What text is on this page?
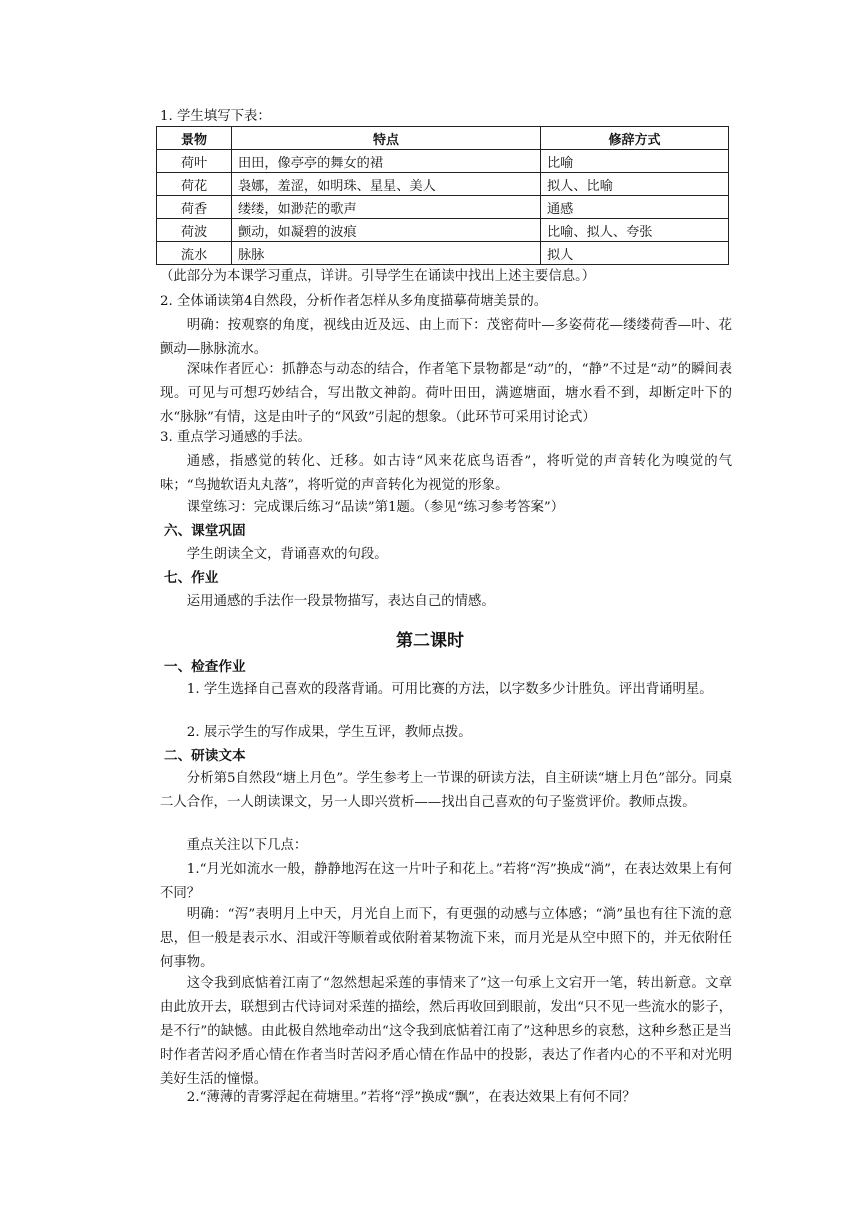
1. 学生填写下表：
景物	特点	修辞方式
荷叶	田田，像亭亭的舞女的裙	比喻
荷花	袅娜，羞涩，如明珠、星星、美人	拟人、比喻
荷香	缕缕，如渺茫的歌声	通感
荷波	颤动，如凝碧的波痕	比喻、拟人、夸张
流水	脉脉	拟人
（此部分为本课学习重点，详讲。引导学生在诵读中找出上述主要信息。）
2. 全体诵读第4自然段，分析作者怎样从多角度描摹荷塘美景的。
明确：按观察的角度，视线由近及远、由上而下：茂密荷叶—多姿荷花—缕缕荷香—叶、花颤动—脉脉流水。
深味作者匠心：抓静态与动态的结合，作者笔下景物都是“动”的，“静”不过是“动”的瞬间表现。可见与可想巧妙结合，写出散文神韵。荷叶田田，满遮塘面，塘水看不到，却断定叶下的水“脉脉”有情，这是由叶子的“风致”引起的想象。（此环节可采用讨论式）
3. 重点学习通感的手法。
通感，指感觉的转化、迁移。如古诗“风来花底鸟语香”，将听觉的声音转化为嗅觉的气味；“鸟抛软语丸丸落”，将听觉的声音转化为视觉的形象。
课堂练习：完成课后练习“品读”第1题。（参见“练习参考答案”）
六、课堂巩固
学生朗读全文，背诵喜欢的句段。
七、作业
运用通感的手法作一段景物描写，表达自己的情感。
第二课时
一、检查作业
1. 学生选择自己喜欢的段落背诵。可用比赛的方法，以字数多少计胜负。评出背诵明星。
2. 展示学生的写作成果，学生互评，教师点拨。
二、研读文本
分析第5自然段“塘上月色”。学生参考上一节课的研读方法，自主研读“塘上月色”部分。同桌二人合作，一人朗读课文，另一人即兴赏析——找出自己喜欢的句子鉴赏评价。教师点拨。
重点关注以下几点：
1.“月光如流水一般，静静地泻在这一片叶子和花上。”若将“泻”换成“淌”，在表达效果上有何不同？
明确：“泻”表明月上中天，月光自上而下，有更强的动感与立体感；“淌”虽也有往下流的意思，但一般是表示水、泪或汗等顺着或依附着某物流下来，而月光是从空中照下的，并无依附任何事物。
这令我到底惦着江南了“忽然想起采莲的事情来了”这一句承上文宕开一笔，转出新意。文章由此放开去，联想到古代诗词对采莲的描绘，然后再收回到眼前，发出“只不见一些流水的影子，是不行”的缺憾。由此极自然地牵动出“这令我到底惦着江南了”这种思乡的哀愁，这种乡愁正是当时作者苦闷矛盾心情在作者当时苦闷矛盾心情在作品中的投影，表达了作者内心的不平和对光明美好生活的憧憬。
2.“薄薄的青雾浮起在荷塘里。”若将“浮”换成“飘”，在表达效果上有何不同？
